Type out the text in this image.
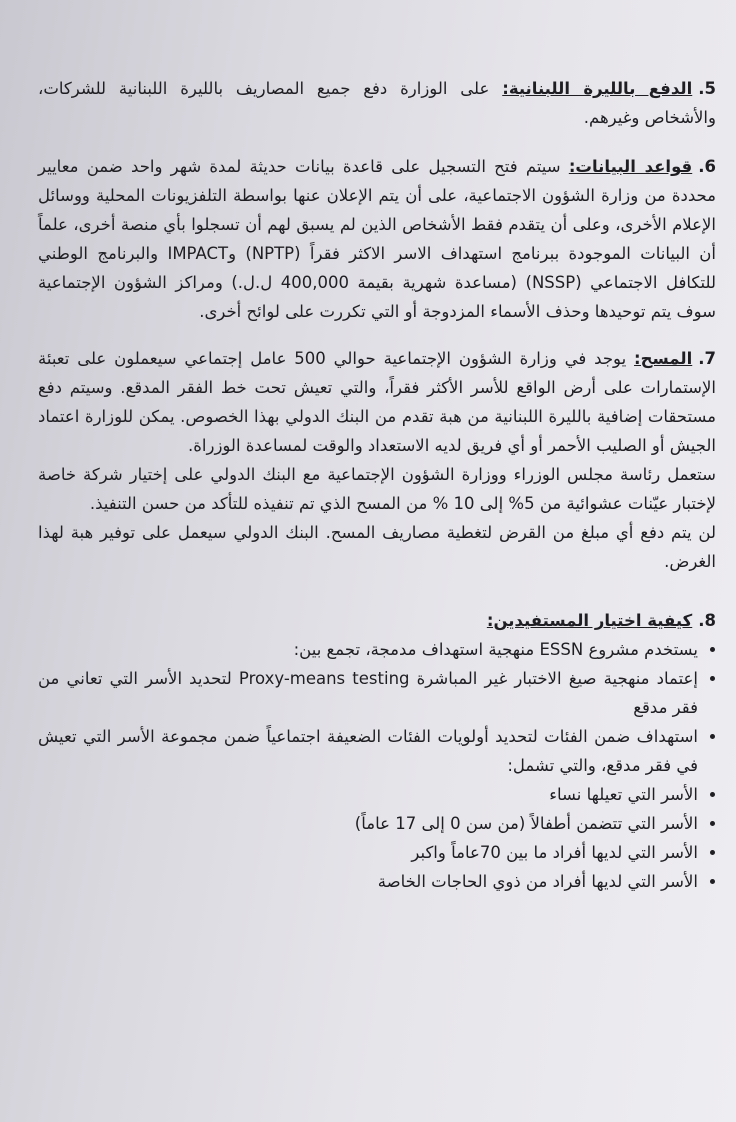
5.الدفع بالليرة اللبنانية: على الوزارة دفع جميع المصاريف بالليرة اللبنانية للشركات، والأشخاص وغيرهم.

6.قواعد البيانات: سيتم فتح التسجيل على قاعدة بيانات حديثة لمدة شهر واحد ضمن معايير محددة من وزارة الشؤون الاجتماعية، على أن يتم الإعلان عنها بواسطة التلفزيونات المحلية ووسائل الإعلام الأخرى، وعلى أن يتقدم فقط الأشخاص الذين لم يسبق لهم أن تسجلوا بأي منصة أخرى، علماً أن البيانات الموجودة ببرنامج استهداف الاسر الاكثر فقراً (NPTP) وIMPACT والبرنامج الوطني للتكافل الاجتماعي (NSSP) (مساعدة شهرية بقيمة 400,000 ل.ل.) ومراكز الشؤون الإجتماعية سوف يتم توحيدها وحذف الأسماء المزدوجة أو التي تكررت على لوائح أخرى.

7.المسح: يوجد في وزارة الشؤون الإجتماعية حوالي 500 عامل إجتماعي سيعملون على تعبئة الإستمارات على أرض الواقع للأسر الأكثر فقراً، والتي تعيش تحت خط الفقر المدقع. وسيتم دفع مستحقات إضافية بالليرة اللبنانية من هبة تقدم من البنك الدولي بهذا الخصوص. يمكن للوزارة اعتماد الجيش أو الصليب الأحمر أو أي فريق لديه الاستعداد والوقت لمساعدة الوزراة.

ستعمل رئاسة مجلس الوزراء ووزارة الشؤون الإجتماعية مع البنك الدولي على إختيار شركة خاصة لإختبار عيّنات عشوائية من 5% إلى 10 % من المسح الذي تم تنفيذه للتأكد من حسن التنفيذ.

لن يتم دفع أي مبلغ من القرض لتغطية مصاريف المسح. البنك الدولي سيعمل على توفير هبة لهذا الغرض.

8.كيفية اختيار المستفيدين:

• يستخدم مشروع ESSN منهجية استهداف مدمجة، تجمع بين:
• إعتماد منهجية صيغ الاختبار غير المباشرة Proxy-means testing لتحديد الأسر التي تعاني من فقر مدقع
• استهداف ضمن الفئات لتحديد أولويات الفئات الضعيفة اجتماعياً ضمن مجموعة الأسر التي تعيش في فقر مدقع، والتي تشمل:
• الأسر التي تعيلها نساء
• الأسر التي تتضمن أطفالاً (من سن 0 إلى 17 عاماً)
• الأسر التي لديها أفراد ما بين 70عاماً واكبر
• الأسر التي لديها أفراد من ذوي الحاجات الخاصة
